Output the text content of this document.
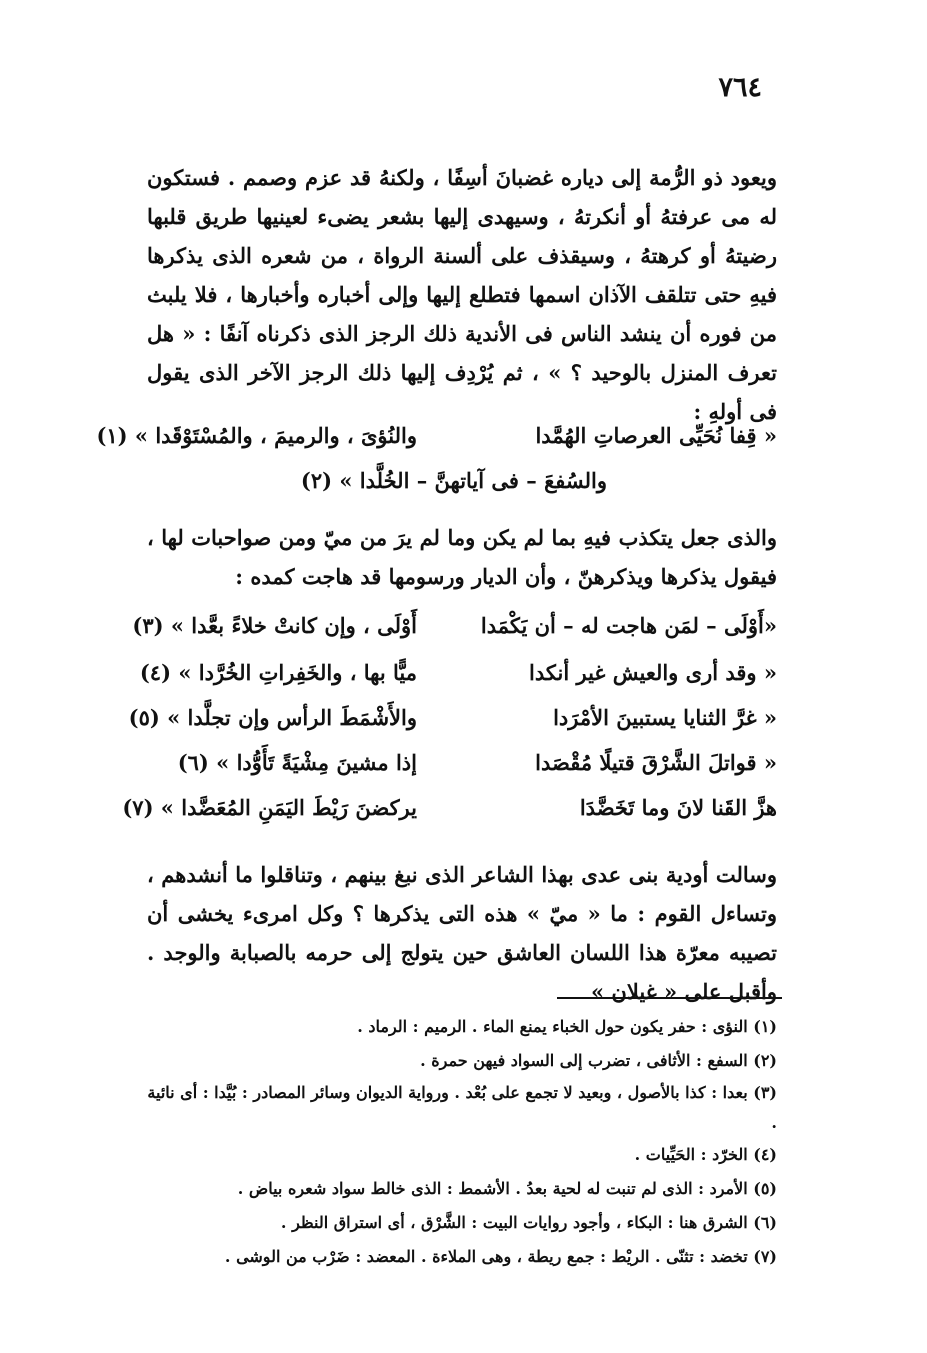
٧٦٤

ويعود ذو الرُّمة إلى دياره غضبانَ أسِفًا ، ولكنهُ قد عزم وصمم . فستكون له مى عرفتهُ أو أنكرتهُ ، وسيهدى إليها بشعر يضىء لعينيها طريق قلبها رضيتهُ أو كرهتهُ ، وسيقذف على ألسنة الرواة ، من شعره الذى يذكرها فيهِ حتى تتلقف الآذان اسمها فتطلع إليها وإلى أخباره وأخبارها ، فلا يلبث من فوره أن ينشد الناس فى الأندية ذلك الرجز الذى ذكرناه آنفًا : « هل تعرف المنزل بالوحيد ؟ » ، ثم يُرْدِف إليها ذلك الرجز الآخر الذى يقول فى أولهِ :

« قِفا نُحَيِّى العرصاتِ الهُمَّدا
والنُؤىَ ، والرميمَ ، والمُسْتَوْقَدا » (١)
والسُفعَ – فى آياتهنَّ – الخُلَّدا » (٢)

والذى جعل يتكذب فيهِ بما لم يكن وما لم يرَ من ميّ ومن صواحبات لها ، فيقول يذكرها ويذكرهنّ ، وأن الديار ورسومها قد هاجت كمده :

«أَوْلَى – لمَن هاجت له – أن يَكْمَدا
أَوْلَى ، وإن كانتْ خلاءً بعَّدا » (٣)
« وقد أرى والعيش غير أنكدا
ميًّا بها ، والخَفِراتِ الخُرَّدا » (٤)
« غرَّ الثنايا يستبينَ الأمْرَدا
والأَشْمَطَ الرأس وإن تجلَّدا » (٥)
« قواتلَ الشَّرْقَ قتيلًا مُقْصَدا
إذا مشينَ مِشْيَةً تَأَوُّدا » (٦)
هزَّ القَنا لانَ وما تَخَضَّدَا
يركضنَ رَيْطَ اليَمَنِ المُعَضَّدا » (٧)

وسالت أودية بنى عدى بهذا الشاعر الذى نبغ بينهم ، وتناقلوا ما أنشدهم ، وتساءل القوم : ما « ميّ » هذه التى يذكرها ؟ وكل امرىء يخشى أن تصيبه معرّة هذا اللسان العاشق حين يتولج إلى حرمه بالصبابة والوجد . وأقبل على « غيلان »

(١) النؤى : حفر يكون حول الخباء يمنع الماء . الرميم : الرماد .
(٢) السفع : الأثافى ، تضرب إلى السواد فيهن حمرة .
(٣) بعدا : كذا بالأصول ، وبعيد لا تجمع على بُعْد . ورواية الديوان وسائر المصادر : بُيَّدا : أى نائية .
(٤) الخرّد : الحَيِّيات .
(٥) الأمرد : الذى لم تنبت له لحية بعدُ . الأشمط : الذى خالط سواد شعره بياض .
(٦) الشرق هنا : البكاء ، وأجود روايات البيت : الشَّرْق ، أى استراق النظر .
(٧) تخضد : تثنّى . الريْط : جمع ريطة ، وهى الملاءة . المعضد : ضَرْب من الوشى .
